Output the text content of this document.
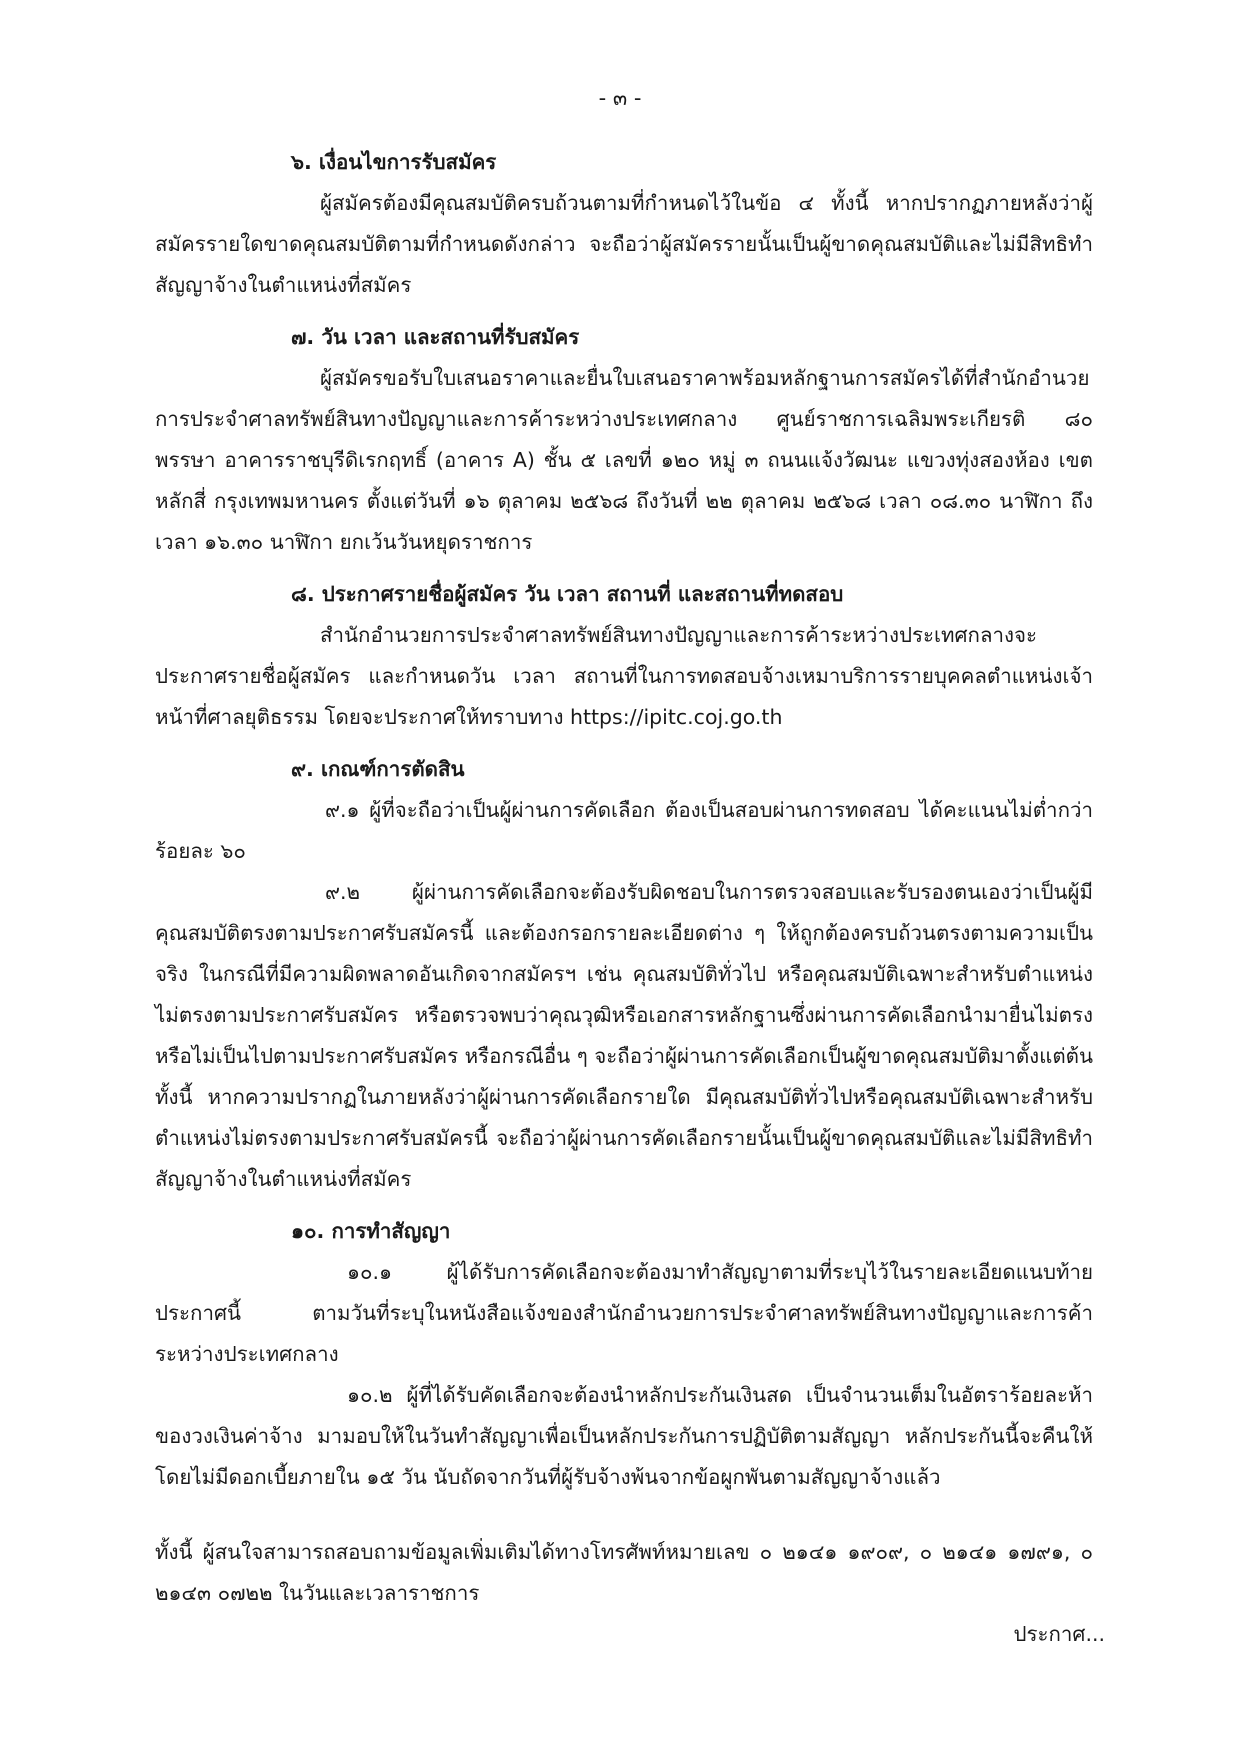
- ๓ -

๖. เงื่อนไขการรับสมัคร

ผู้สมัครต้องมีคุณสมบัติครบถ้วนตามที่กำหนดไว้ในข้อ ๔ ทั้งนี้ หากปรากฏภายหลังว่าผู้สมัครรายใดขาดคุณสมบัติตามที่กำหนดดังกล่าว จะถือว่าผู้สมัครรายนั้นเป็นผู้ขาดคุณสมบัติและไม่มีสิทธิทำสัญญาจ้างในตำแหน่งที่สมัคร

๗. วัน เวลา และสถานที่รับสมัคร

ผู้สมัครขอรับใบเสนอราคาและยื่นใบเสนอราคาพร้อมหลักฐานการสมัครได้ที่สำนักอำนวยการประจำศาลทรัพย์สินทางปัญญาและการค้าระหว่างประเทศกลาง ศูนย์ราชการเฉลิมพระเกียรติ ๘๐ พรรษา อาคารราชบุรีดิเรกฤทธิ์ (อาคาร A) ชั้น ๕ เลขที่ ๑๒๐ หมู่ ๓ ถนนแจ้งวัฒนะ แขวงทุ่งสองห้อง เขตหลักสี่ กรุงเทพมหานคร ตั้งแต่วันที่ ๑๖ ตุลาคม ๒๕๖๘ ถึงวันที่ ๒๒ ตุลาคม ๒๕๖๘ เวลา ๐๘.๓๐ นาฬิกา ถึงเวลา ๑๖.๓๐ นาฬิกา ยกเว้นวันหยุดราชการ

๘. ประกาศรายชื่อผู้สมัคร วัน เวลา สถานที่ และสถานที่ทดสอบ

สำนักอำนวยการประจำศาลทรัพย์สินทางปัญญาและการค้าระหว่างประเทศกลางจะประกาศรายชื่อผู้สมัคร และกำหนดวัน เวลา สถานที่ในการทดสอบจ้างเหมาบริการรายบุคคลตำแหน่งเจ้าหน้าที่ศาลยุติธรรม โดยจะประกาศให้ทราบทาง https://ipitc.coj.go.th

๙. เกณฑ์การตัดสิน

๙.๑ ผู้ที่จะถือว่าเป็นผู้ผ่านการคัดเลือก ต้องเป็นสอบผ่านการทดสอบ ได้คะแนนไม่ต่ำกว่าร้อยละ ๖๐

๙.๒ ผู้ผ่านการคัดเลือกจะต้องรับผิดชอบในการตรวจสอบและรับรองตนเองว่าเป็นผู้มีคุณสมบัติตรงตามประกาศรับสมัครนี้ และต้องกรอกรายละเอียดต่าง ๆ ให้ถูกต้องครบถ้วนตรงตามความเป็นจริง ในกรณีที่มีความผิดพลาดอันเกิดจากสมัครฯ เช่น คุณสมบัติทั่วไป หรือคุณสมบัติเฉพาะสำหรับตำแหน่งไม่ตรงตามประกาศรับสมัคร หรือตรวจพบว่าคุณวุฒิหรือเอกสารหลักฐานซึ่งผ่านการคัดเลือกนำมายื่นไม่ตรง หรือไม่เป็นไปตามประกาศรับสมัคร หรือกรณีอื่น ๆ จะถือว่าผู้ผ่านการคัดเลือกเป็นผู้ขาดคุณสมบัติมาตั้งแต่ต้น ทั้งนี้ หากความปรากฏในภายหลังว่าผู้ผ่านการคัดเลือกรายใด มีคุณสมบัติทั่วไปหรือคุณสมบัติเฉพาะสำหรับตำแหน่งไม่ตรงตามประกาศรับสมัครนี้ จะถือว่าผู้ผ่านการคัดเลือกรายนั้นเป็นผู้ขาดคุณสมบัติและไม่มีสิทธิทำสัญญาจ้างในตำแหน่งที่สมัคร

๑๐. การทำสัญญา

๑๐.๑ ผู้ได้รับการคัดเลือกจะต้องมาทำสัญญาตามที่ระบุไว้ในรายละเอียดแนบท้ายประกาศนี้ ตามวันที่ระบุในหนังสือแจ้งของสำนักอำนวยการประจำศาลทรัพย์สินทางปัญญาและการค้าระหว่างประเทศกลาง

๑๐.๒ ผู้ที่ได้รับคัดเลือกจะต้องนำหลักประกันเงินสด เป็นจำนวนเต็มในอัตราร้อยละห้าของวงเงินค่าจ้าง มามอบให้ในวันทำสัญญาเพื่อเป็นหลักประกันการปฏิบัติตามสัญญา หลักประกันนี้จะคืนให้โดยไม่มีดอกเบี้ยภายใน ๑๕ วัน นับถัดจากวันที่ผู้รับจ้างพ้นจากข้อผูกพันตามสัญญาจ้างแล้ว

ทั้งนี้ ผู้สนใจสามารถสอบถามข้อมูลเพิ่มเติมได้ทางโทรศัพท์หมายเลข ๐ ๒๑๔๑ ๑๙๐๙, ๐ ๒๑๔๑ ๑๗๙๑, ๐ ๒๑๔๓ ๐๗๒๒ ในวันและเวลาราชการ

ประกาศ...
